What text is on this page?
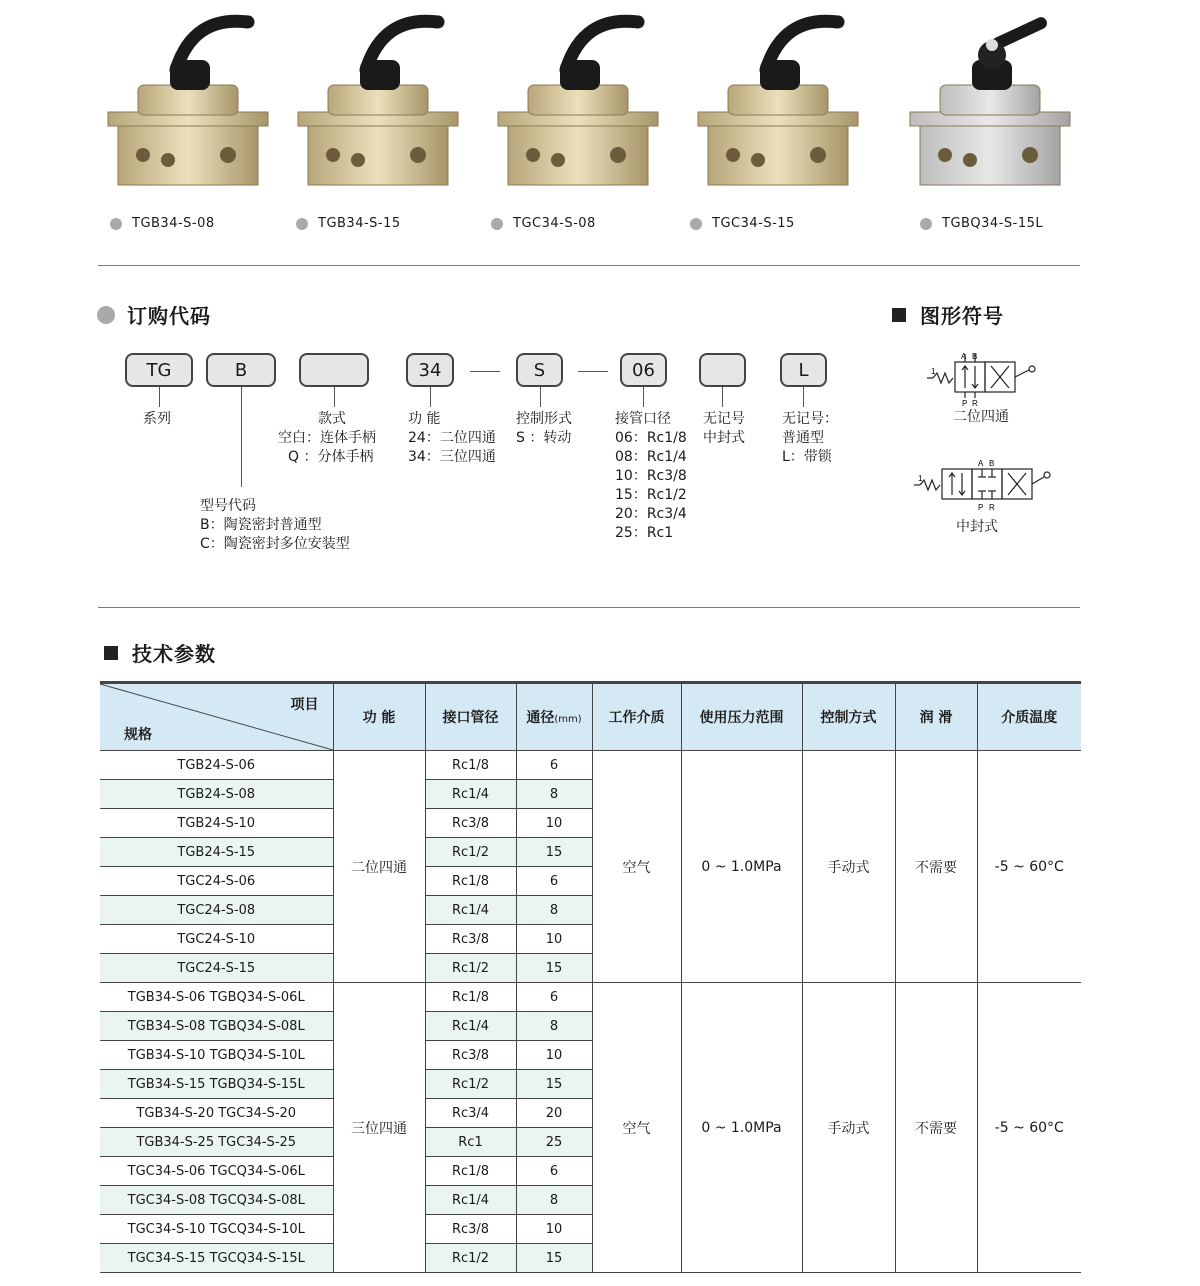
TGB34-S-08	TGB34-S-15	TGC34-S-08	TGC34-S-15	TGBQ34-S-15L
订购代码
TG	B	34	S	06	L
系列
型号代码
B：陶瓷密封普通型
C：陶瓷密封多位安装型
款式
空白：连体手柄
Q ：分体手柄
功 能
24：二位四通
34：三位四通
控制形式
S ：转动
接管口径
06：Rc1/8
08：Rc1/4
10：Rc3/8
15：Rc1/2
20：Rc3/4
25：Rc1
无记号
中封式
无记号：
普通型
L：带锁
图形符号
1
A B
P R
二位四通
1
A B
P R
中封式
技术参数
项目
规格	功 能	接口管径	通径(mm)	工作介质	使用压力范围	控制方式	润 滑	介质温度
TGB24-S-06	二位四通	Rc1/8	6	空气	0 ~ 1.0MPa	手动式	不需要	-5 ~ 60°C
TGB24-S-08		Rc1/4	8					
TGB24-S-10		Rc3/8	10					
TGB24-S-15		Rc1/2	15					
TGC24-S-06		Rc1/8	6					
TGC24-S-08		Rc1/4	8					
TGC24-S-10		Rc3/8	10					
TGC24-S-15		Rc1/2	15					
TGB34-S-06 TGBQ34-S-06L	三位四通	Rc1/8	6	空气	0 ~ 1.0MPa	手动式	不需要	-5 ~ 60°C
TGB34-S-08 TGBQ34-S-08L		Rc1/4	8					
TGB34-S-10 TGBQ34-S-10L		Rc3/8	10					
TGB34-S-15 TGBQ34-S-15L		Rc1/2	15					
TGB34-S-20 TGC34-S-20		Rc3/4	20					
TGB34-S-25 TGC34-S-25		Rc1	25					
TGC34-S-06 TGCQ34-S-06L		Rc1/8	6					
TGC34-S-08 TGCQ34-S-08L		Rc1/4	8					
TGC34-S-10 TGCQ34-S-10L		Rc3/8	10					
TGC34-S-15 TGCQ34-S-15L		Rc1/2	15					
